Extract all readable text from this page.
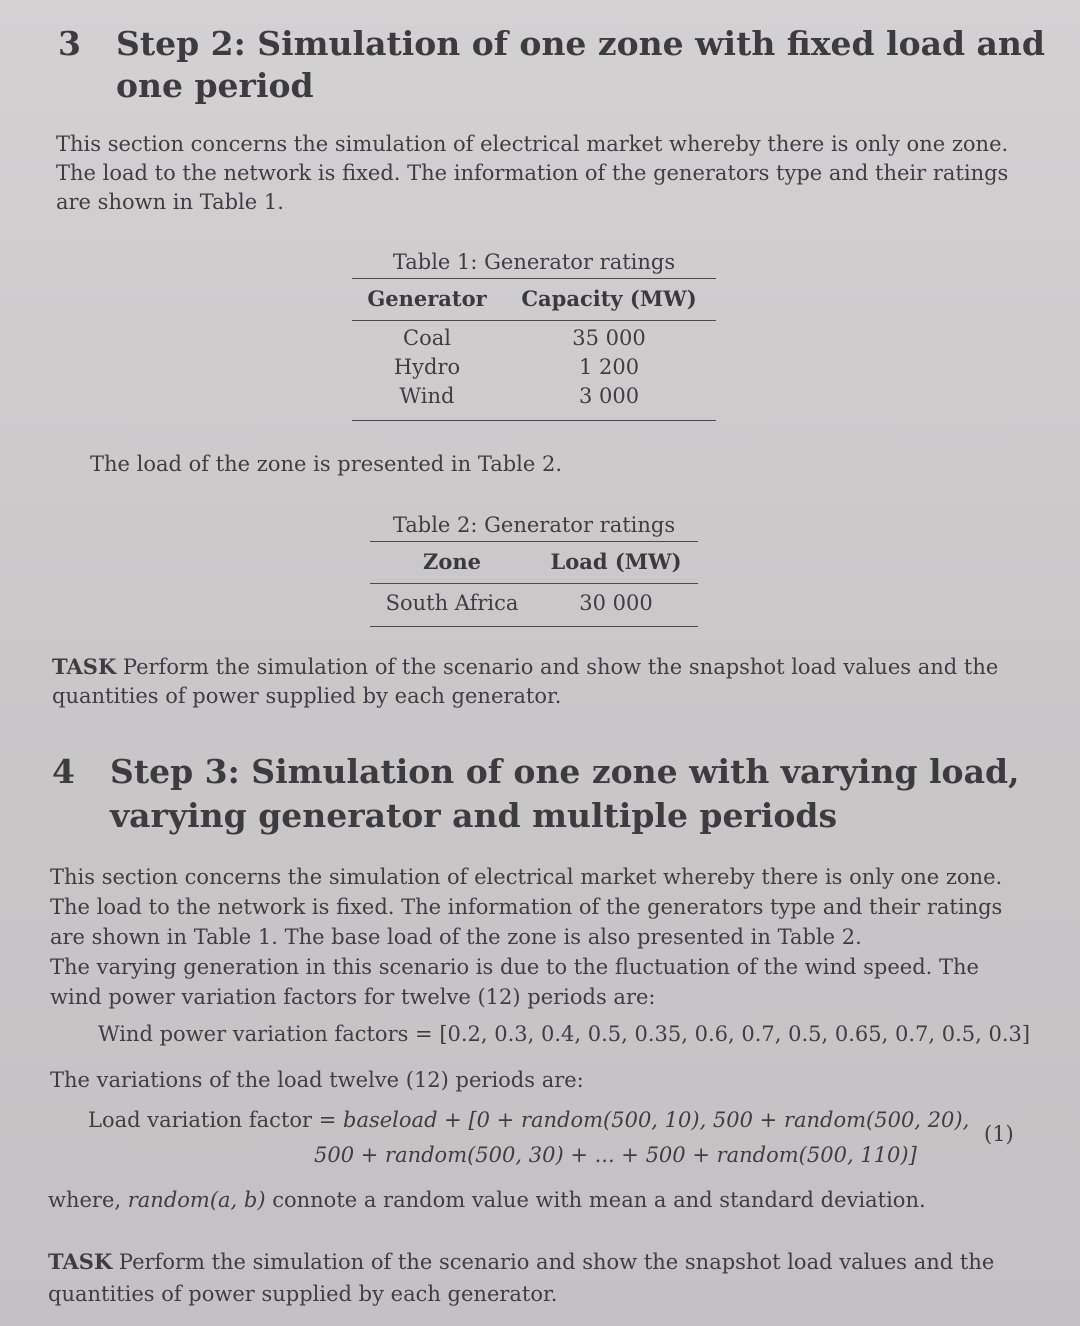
3 Step 2: Simulation of one zone with fixed load and
one period

This section concerns the simulation of electrical market whereby there is only one zone.

The load to the network is fixed. The information of the generators type and their ratings

are shown in Table 1.

Table 1: Generator ratings
Generator	Capacity (MW)
Coal	35 000
Hydro	1 200
Wind	3 000
The load of the zone is presented in Table 2.
Table 2: Generator ratings
Zone	Load (MW)
South Africa	30 000

TASK Perform the simulation of the scenario and show the snapshot load values and the

quantities of power supplied by each generator.

4 Step 3: Simulation of one zone with varying load,
varying generator and multiple periods

This section concerns the simulation of electrical market whereby there is only one zone.

The load to the network is fixed. The information of the generators type and their ratings

are shown in Table 1. The base load of the zone is also presented in Table 2.

The varying generation in this scenario is due to the fluctuation of the wind speed. The

wind power variation factors for twelve (12) periods are:

Wind power variation factors = [0.2, 0.3, 0.4, 0.5, 0.35, 0.6, 0.7, 0.5, 0.65, 0.7, 0.5, 0.3]
The variations of the load twelve (12) periods are:
Load variation factor = baseload + [0 + random(500, 10), 500 + random(500, 20),
500 + random(500, 30) + ... + 500 + random(500, 110)]
(1)
where, random(a, b) connote a random value with mean a and standard deviation.

TASK Perform the simulation of the scenario and show the snapshot load values and the

quantities of power supplied by each generator.
